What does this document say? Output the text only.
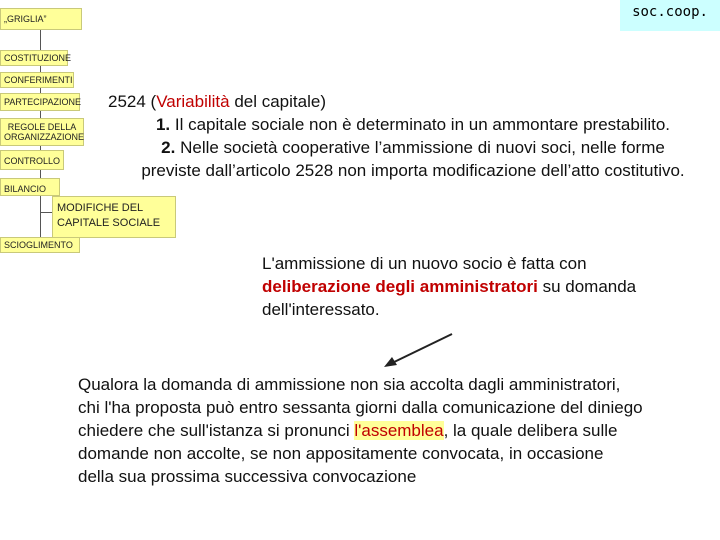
„GRIGLIA”
COSTITUZIONE
CONFERIMENTI
PARTECIPAZIONE
REGOLE DELLA ORGANIZZAZIONE
CONTROLLO
BILANCIO
MODIFICHE DEL
CAPITALE SOCIALE
SCIOGLIMENTO
soc.coop.
2524 (Variabilità del capitale)
1. Il capitale sociale non è determinato in un ammontare prestabilito.
2. Nelle società cooperative l’ammissione di nuovi soci, nelle forme
previste dall’articolo 2528 non importa modificazione dell’atto costitutivo.
L'ammissione di un nuovo socio è fatta con
deliberazione degli amministratori su domanda
dell'interessato.
Qualora la domanda di ammissione non sia accolta dagli amministratori,
chi l'ha proposta può entro sessanta giorni dalla comunicazione del diniego
chiedere che sull'istanza si pronunci l'assemblea, la quale delibera sulle
domande non accolte, se non appositamente convocata, in occasione
della sua prossima successiva convocazione
